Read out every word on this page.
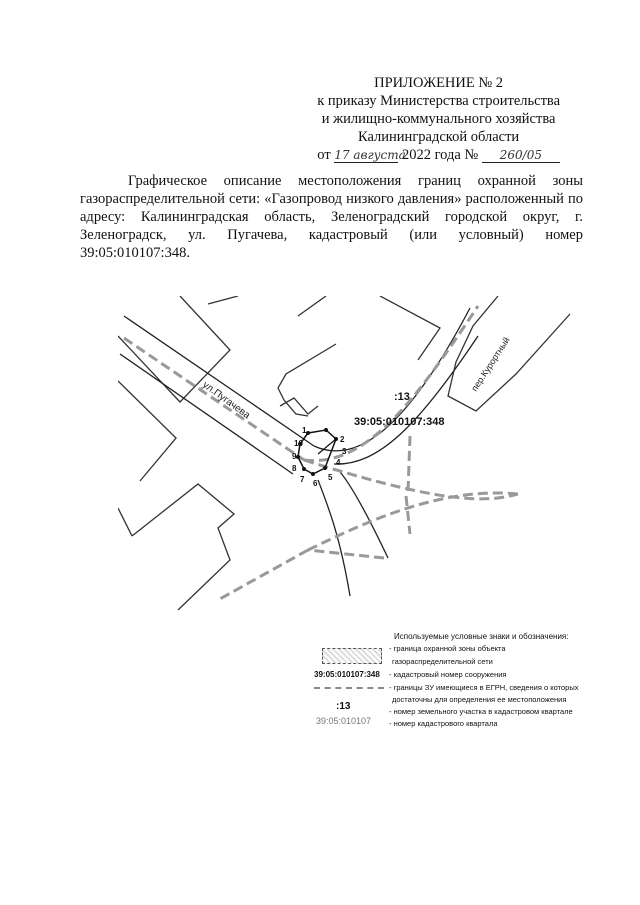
ПРИЛОЖЕНИЕ № 2
к приказу Министерства строительства
и жилищно-коммунального хозяйства
Калининградской области
от 17 августа 2022 года № 260/05
Графическое описание местоположения границ охранной зоны газораспределительной сети: «Газопровод низкого давления» расположенный по адресу: Калининградская область, Зеленоградский городской округ, г. Зеленоградск, ул. Пугачева, кадастровый (или условный) номер 39:05:010107:348.
1
2
3
4
5
6
7
8
9
10
ул.Пугачева
пер.Курортный
:13
39:05:010107:348
Используемые условные знаки и обозначения:
- граница охранной зоны объекта
газораспределительной сети
39:05:010107:348 - кадастровый номер сооружения
- границы ЗУ имеющиеся в ЕГРН, сведения о которых
достаточны для определения ее местоположения
:13	- номер земельного участка в кадастровом квартале
39:05:010107 - номер кадастрового квартала
